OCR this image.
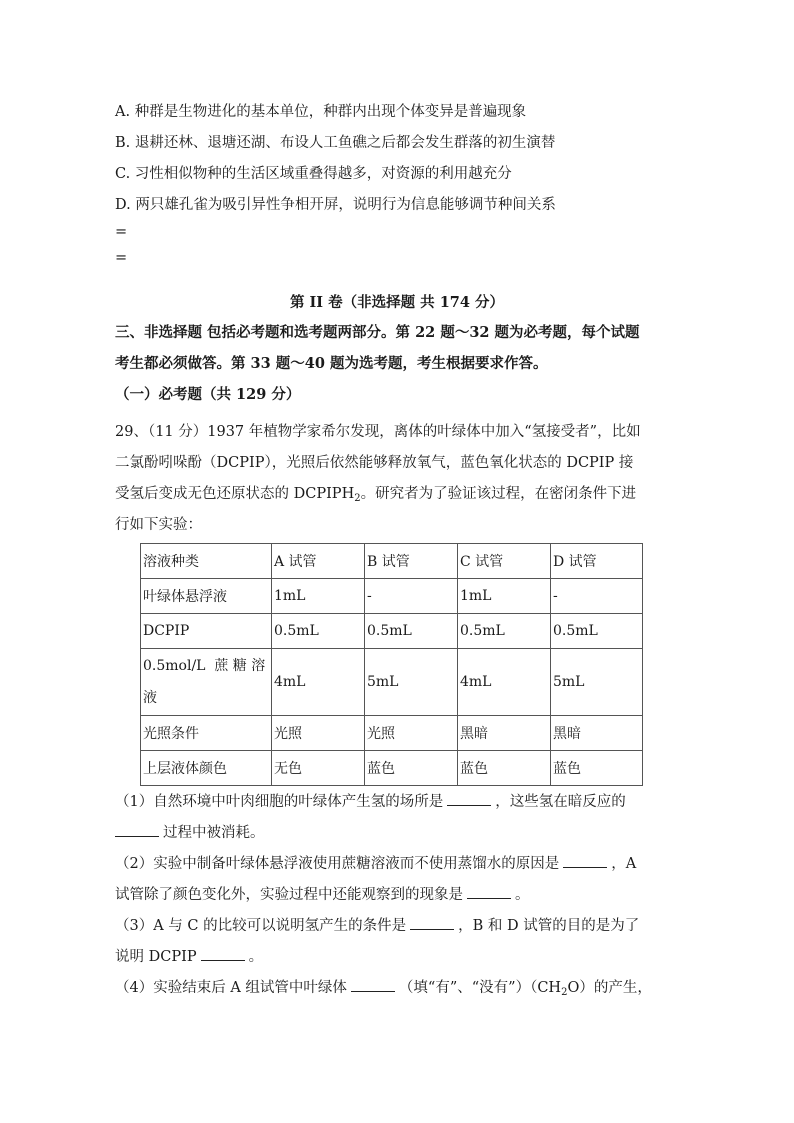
A. 种群是生物进化的基本单位，种群内出现个体变异是普遍现象
B. 退耕还林、退塘还湖、布设人工鱼礁之后都会发生群落的初生演替
C. 习性相似物种的生活区域重叠得越多，对资源的利用越充分
D. 两只雄孔雀为吸引异性争相开屏，说明行为信息能够调节种间关系
=
=
第 II 卷（非选择题 共 174 分）
三、非选择题 包括必考题和选考题两部分。第 22 题～32 题为必考题，每个试题
考生都必须做答。第 33 题～40 题为选考题，考生根据要求作答。
（一）必考题（共 129 分）
29、（11 分）1937 年植物学家希尔发现，离体的叶绿体中加入“氢接受者”，比如
二氯酚吲哚酚（DCPIP），光照后依然能够释放氧气，蓝色氧化状态的 DCPIP 接
受氢后变成无色还原状态的 $DCPIPH_2$。研究者为了验证该过程，在密闭条件下进
行如下实验：
溶液种类	A 试管	B 试管	C 试管	D 试管
叶绿体悬浮液	1mL	-	1mL	-
DCPIP	0.5mL	0.5mL	0.5mL	0.5mL
0.5mol/L  蔗 糖 溶
液	4mL	5mL	4mL	5mL
光照条件	光照	光照	黑暗	黑暗
上层液体颜色	无色	蓝色	蓝色	蓝色
（1）自然环境中叶肉细胞的叶绿体产生氢的场所是	，这些氢在暗反应的
过程中被消耗。
（2）实验中制备叶绿体悬浮液使用蔗糖溶液而不使用蒸馏水的原因是	，A
试管除了颜色变化外，实验过程中还能观察到的现象是	。
（3）A 与 C 的比较可以说明氢产生的条件是	，B 和 D 试管的目的是为了
说明 DCPIP	。
（4）实验结束后 A 组试管中叶绿体	（填“有”、“没有$”)(CH_2O)$的产生，
